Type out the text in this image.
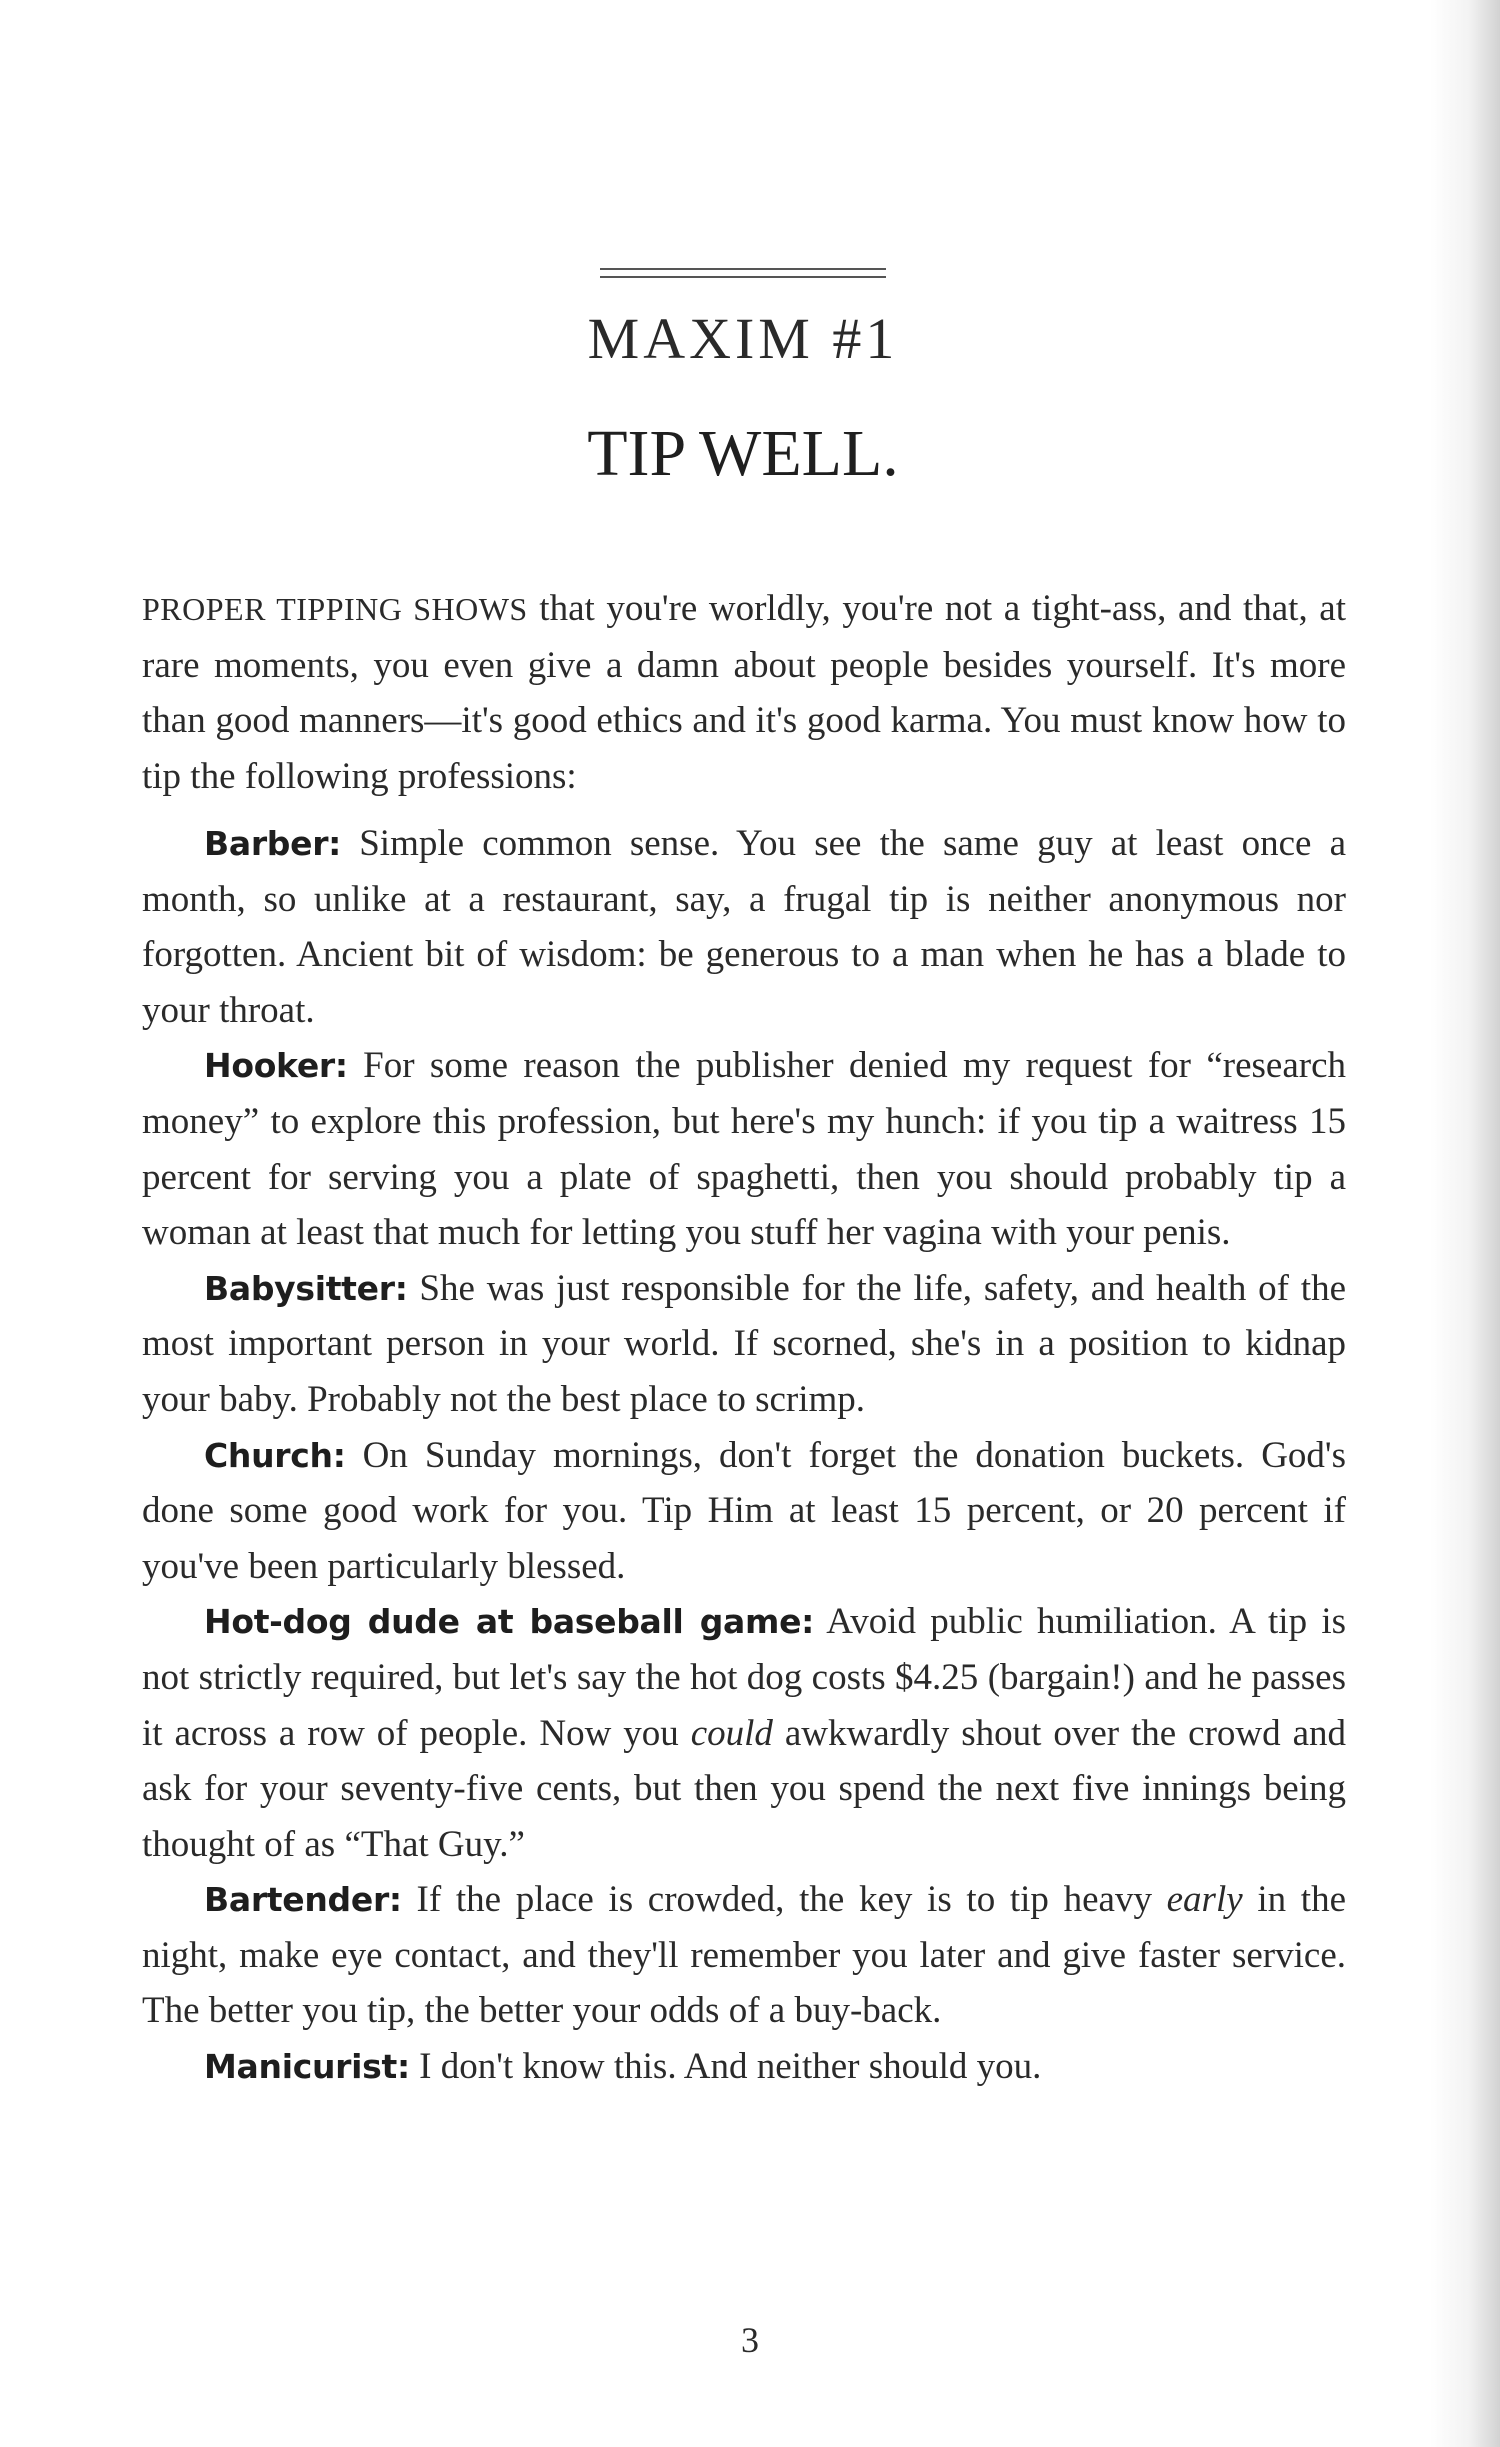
MAXIM #1
TIP WELL.

PROPER TIPPING SHOWS that you're worldly, you're not a tight-ass, and that, at rare moments, you even give a damn about people besides yourself. It's more than good manners—it's good ethics and it's good karma. You must know how to tip the following professions:

Barber: Simple common sense. You see the same guy at least once a month, so unlike at a restaurant, say, a frugal tip is neither anonymous nor forgotten. Ancient bit of wisdom: be generous to a man when he has a blade to your throat.

Hooker: For some reason the publisher denied my request for “research money” to explore this profession, but here's my hunch: if you tip a waitress 15 percent for serving you a plate of spaghetti, then you should probably tip a woman at least that much for letting you stuff her vagina with your penis.

Babysitter: She was just responsible for the life, safety, and health of the most important person in your world. If scorned, she's in a position to kidnap your baby. Probably not the best place to scrimp.

Church: On Sunday mornings, don't forget the donation buckets. God's done some good work for you. Tip Him at least 15 percent, or 20 percent if you've been particularly blessed.

Hot-dog dude at baseball game: Avoid public humiliation. A tip is not strictly required, but let's say the hot dog costs $4.25 (bargain!) and he passes it across a row of people. Now you could awkwardly shout over the crowd and ask for your seventy-five cents, but then you spend the next five innings being thought of as “That Guy.”

Bartender: If the place is crowded, the key is to tip heavy early in the night, make eye contact, and they'll remember you later and give faster service. The better you tip, the better your odds of a buy-back.

Manicurist: I don't know this. And neither should you.

3
